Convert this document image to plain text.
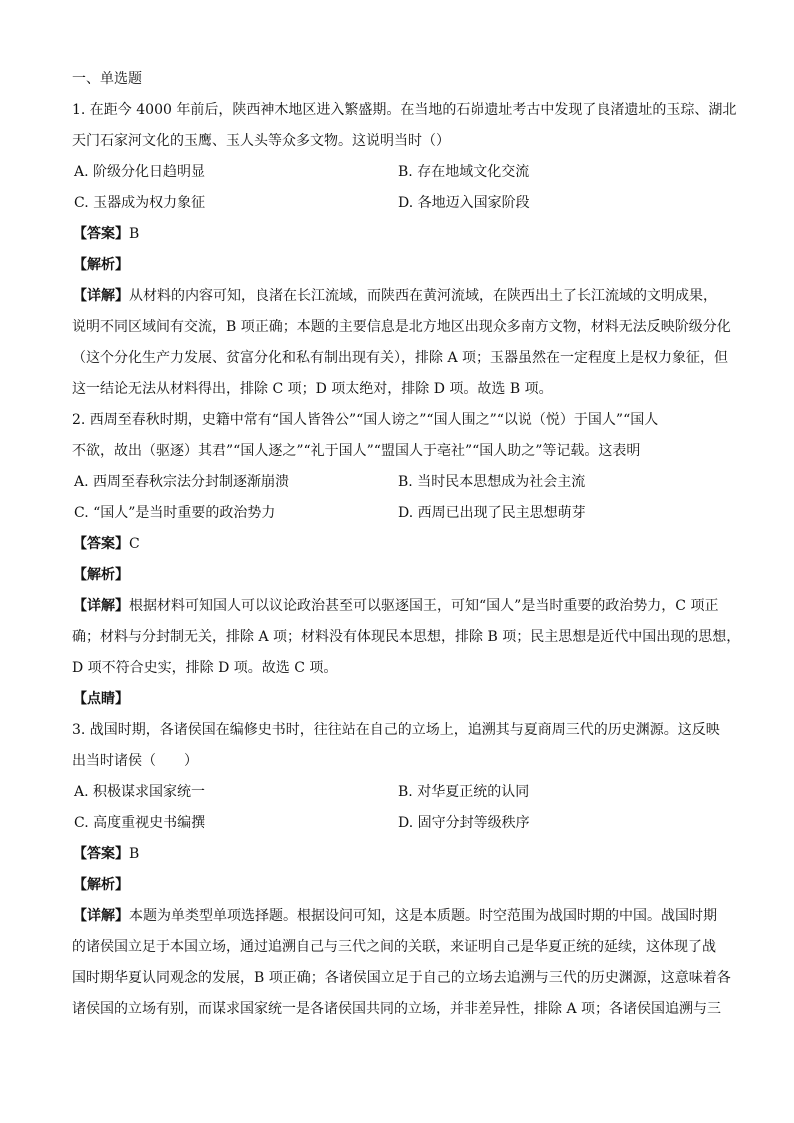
一、单选题
1. 在距今 4000 年前后，陕西神木地区进入繁盛期。在当地的石峁遗址考古中发现了良渚遗址的玉琮、湖北
天门石家河文化的玉鹰、玉人头等众多文物。这说明当时（）
A. 阶级分化日趋明显	B. 存在地域文化交流
C. 玉器成为权力象征	D. 各地迈入国家阶段
【答案】B
【解析】
【详解】从材料的内容可知，良渚在长江流域，而陕西在黄河流域，在陕西出土了长江流域的文明成果，
说明不同区域间有交流，B 项正确；本题的主要信息是北方地区出现众多南方文物，材料无法反映阶级分化
（这个分化生产力发展、贫富分化和私有制出现有关），排除 A 项；玉器虽然在一定程度上是权力象征，但
这一结论无法从材料得出，排除 C 项；D 项太绝对，排除 D 项。故选 B 项。
2. 西周至春秋时期，史籍中常有“国人皆咎公”“国人谤之”“国人围之”“以说（悦）于国人”“国人
不欲，故出（驱逐）其君”“国人逐之”“礼于国人”“盟国人于亳社”“国人助之”等记载。这表明
A. 西周至春秋宗法分封制逐渐崩溃	B. 当时民本思想成为社会主流
C. “国人”是当时重要的政治势力	D. 西周已出现了民主思想萌芽
【答案】C
【解析】
【详解】根据材料可知国人可以议论政治甚至可以驱逐国王，可知“国人”是当时重要的政治势力，C 项正
确；材料与分封制无关，排除 A 项；材料没有体现民本思想，排除 B 项；民主思想是近代中国出现的思想，
D 项不符合史实，排除 D 项。故选 C 项。
【点睛】
3. 战国时期，各诸侯国在编修史书时，往往站在自己的立场上，追溯其与夏商周三代的历史渊源。这反映
出当时诸侯（　　）
A. 积极谋求国家统一	B. 对华夏正统的认同
C. 高度重视史书编撰	D. 固守分封等级秩序
【答案】B
【解析】
【详解】本题为单类型单项选择题。根据设问可知，这是本质题。时空范围为战国时期的中国。战国时期
的诸侯国立足于本国立场，通过追溯自己与三代之间的关联，来证明自己是华夏正统的延续，这体现了战
国时期华夏认同观念的发展，B 项正确；各诸侯国立足于自己的立场去追溯与三代的历史渊源，这意味着各
诸侯国的立场有别，而谋求国家统一是各诸侯国共同的立场，并非差异性，排除 A 项；各诸侯国追溯与三
